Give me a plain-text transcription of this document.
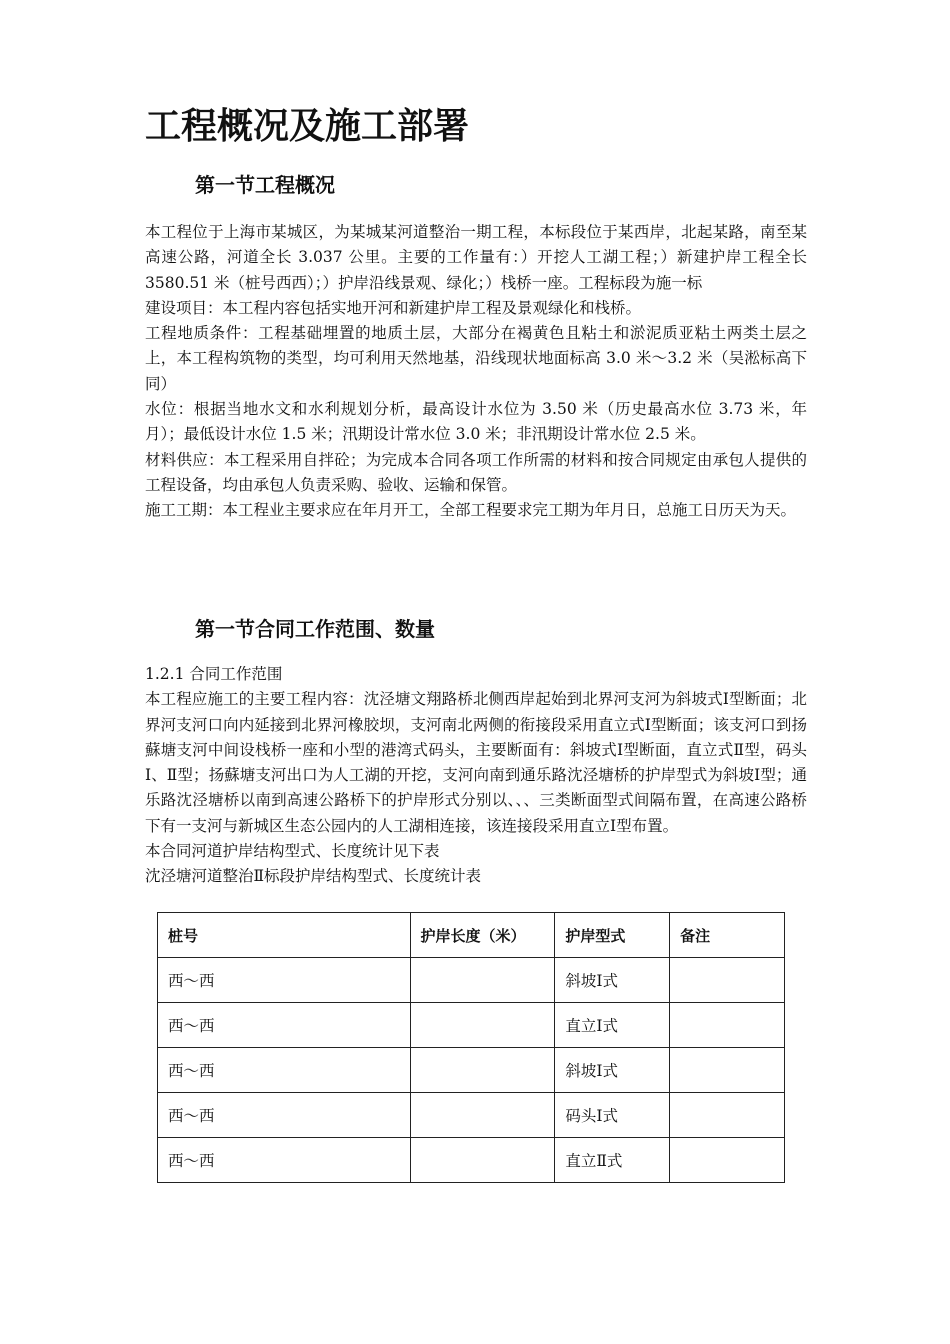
工程概况及施工部署
第一节工程概况

本工程位于上海市某城区，为某城某河道整治一期工程，本标段位于某西岸，北起某路，南至某高速公路，河道全长 3.037 公里。主要的工作量有：）开挖人工湖工程；）新建护岸工程全长 3580.51 米（桩号西西）；）护岸沿线景观、绿化；）栈桥一座。工程标段为施一标

建设项目：本工程内容包括实地开河和新建护岸工程及景观绿化和栈桥。

工程地质条件：工程基础埋置的地质土层，大部分在褐黄色且粘土和淤泥质亚粘土两类土层之上，本工程构筑物的类型，均可利用天然地基，沿线现状地面标高 3.0 米～3.2 米（吴淞标高下同）

水位：根据当地水文和水利规划分析，最高设计水位为 3.50 米（历史最高水位 3.73 米，年月）；最低设计水位 1.5 米；汛期设计常水位 3.0 米；非汛期设计常水位 2.5 米。

材料供应：本工程采用自拌砼；为完成本合同各项工作所需的材料和按合同规定由承包人提供的工程设备，均由承包人负责采购、验收、运输和保管。

施工工期：本工程业主要求应在年月开工，全部工程要求完工期为年月日，总施工日历天为天。

第一节合同工作范围、数量

1.2.1 合同工作范围

本工程应施工的主要工程内容：沈泾塘文翔路桥北侧西岸起始到北界河支河为斜坡式Ⅰ型断面；北界河支河口向内延接到北界河橡胶坝，支河南北两侧的衔接段采用直立式Ⅰ型断面；该支河口到扬蘇塘支河中间设栈桥一座和小型的港湾式码头，主要断面有：斜坡式Ⅰ型断面，直立式Ⅱ型，码头Ⅰ、Ⅱ型；扬蘇塘支河出口为人工湖的开挖，支河向南到通乐路沈泾塘桥的护岸型式为斜坡Ⅰ型；通乐路沈泾塘桥以南到高速公路桥下的护岸形式分别以、、、三类断面型式间隔布置，在高速公路桥下有一支河与新城区生态公园内的人工湖相连接，该连接段采用直立Ⅰ型布置。

本合同河道护岸结构型式、长度统计见下表

沈泾塘河道整治Ⅱ标段护岸结构型式、长度统计表

桩号	护岸长度（米）	护岸型式	备注
西～西		斜坡Ⅰ式	
西～西		直立Ⅰ式	
西～西		斜坡Ⅰ式	
西～西		码头Ⅰ式	
西～西		直立Ⅱ式	
